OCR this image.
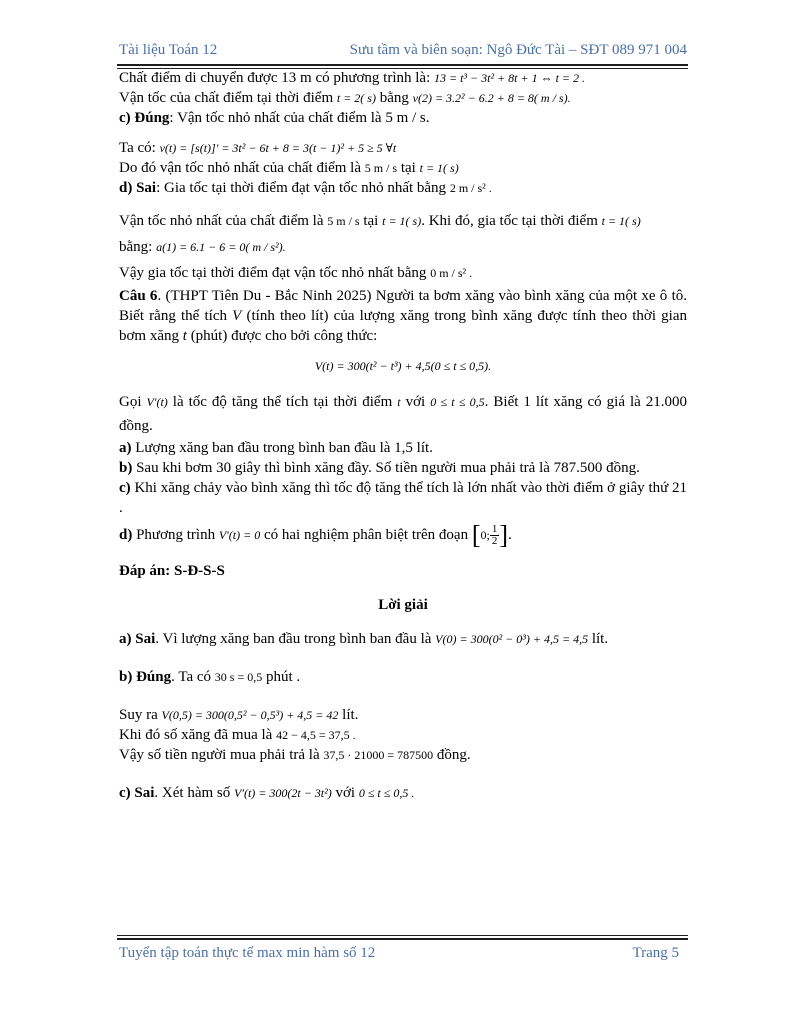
Tài liệu Toán 12	Sưu tầm và biên soạn: Ngô Đức Tài – SĐT 089 971 004

Chất điểm di chuyển được 13 m có phương trình là: 13 = t³ − 3t² + 8t + 1 ⇔ t = 2 .

Vận tốc của chất điểm tại thời điểm t = 2( s) bằng v(2) = 3.2² − 6.2 + 8 = 8( m / s).

c) Đúng: Vận tốc nhỏ nhất của chất điểm là 5 m / s.

Ta có: v(t) = [s(t)]′ = 3t² − 6t + 8 = 3(t − 1)² + 5 ≥ 5 ∀t

Do đó vận tốc nhỏ nhất của chất điểm là 5 m / s tại t = 1( s)

d) Sai: Gia tốc tại thời điểm đạt vận tốc nhỏ nhất bằng 2 m / s² .

Vận tốc nhỏ nhất của chất điểm là 5 m / s tại t = 1( s). Khi đó, gia tốc tại thời điểm t = 1( s)

bằng: a(1) = 6.1 − 6 = 0( m / s²).

Vậy gia tốc tại thời điểm đạt vận tốc nhỏ nhất bằng 0 m / s² .

Câu 6. (THPT Tiên Du - Bắc Ninh 2025) Người ta bơm xăng vào bình xăng của một xe ô tô. Biết rằng thể tích V (tính theo lít) của lượng xăng trong bình xăng được tính theo thời gian bơm xăng t (phút) được cho bởi công thức:

V(t) = 300(t² − t³) + 4,5(0 ≤ t ≤ 0,5).

Gọi V′(t) là tốc độ tăng thể tích tại thời điểm t với 0 ≤ t ≤ 0,5. Biết 1 lít xăng có giá là 21.000 đồng.

a) Lượng xăng ban đầu trong bình ban đầu là 1,5 lít.

b) Sau khi bơm 30 giây thì bình xăng đầy. Số tiền người mua phải trả là 787.500 đồng.

c) Khi xăng chảy vào bình xăng thì tốc độ tăng thể tích là lớn nhất vào thời điểm ở giây thứ 21 .

d) Phương trình V′(t) = 0 có hai nghiệm phân biệt trên đoạn [0; $\frac{1}{2}$ ].

Đáp án: S-Đ-S-S

Lời giải

a) Sai. Vì lượng xăng ban đầu trong bình ban đầu là V(0) = 300(0² − 0³) + 4,5 = 4,5 lít.

b) Đúng. Ta có 30 s = 0,5 phút .

Suy ra V(0,5) = 300(0,5² − 0,5³) + 4,5 = 42 lít.

Khi đó số xăng đã mua là 42 − 4,5 = 37,5 .

Vậy số tiền người mua phải trả là 37,5 · 21000 = 787500 đồng.

c) Sai. Xét hàm số V′(t) = 300(2t − 3t²) với 0 ≤ t ≤ 0,5 .

Tuyển tập toán thực tế max min hàm số 12	Trang 5
